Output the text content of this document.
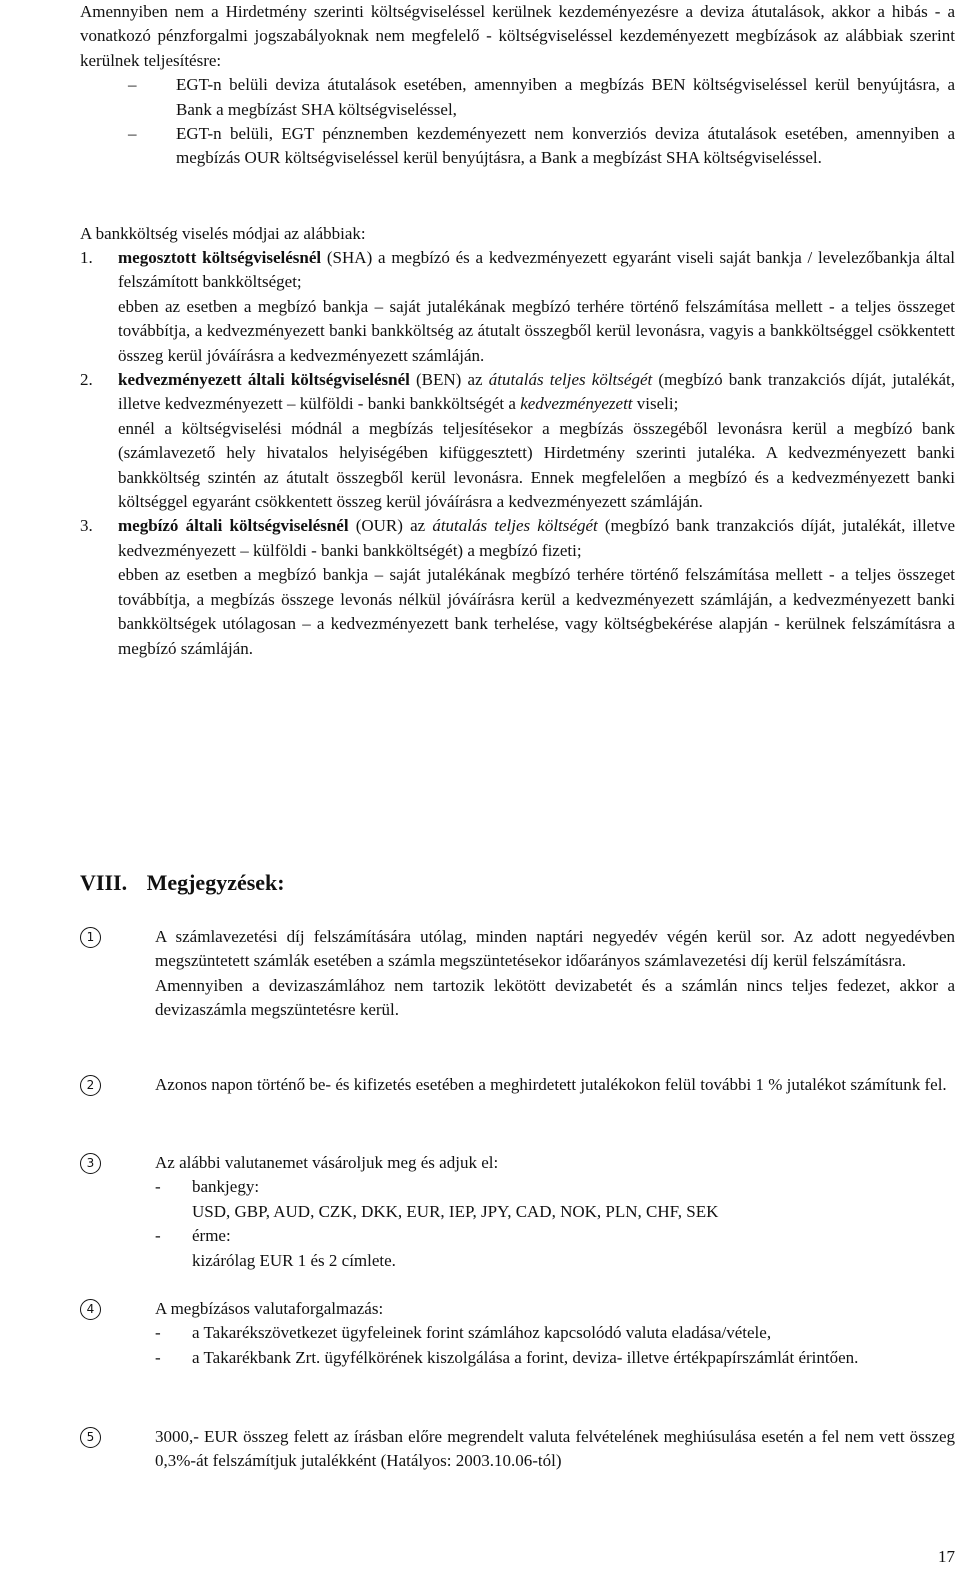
Amennyiben nem a Hirdetmény szerinti költségviseléssel kerülnek kezdeményezésre a deviza átutalások, akkor a hibás - a vonatkozó pénzforgalmi jogszabályoknak nem megfelelő - költségviseléssel kezdeményezett megbízások az alábbiak szerint kerülnek teljesítésre:

– EGT-n belüli deviza átutalások esetében, amennyiben a megbízás BEN költségviseléssel kerül benyújtásra, a Bank a megbízást SHA költségviseléssel,
– EGT-n belüli, EGT pénznemben kezdeményezett nem konverziós deviza átutalások esetében, amennyiben a megbízás OUR költségviseléssel kerül benyújtásra, a Bank a megbízást SHA költségviseléssel.

A bankköltség viselés módjai az alábbiak:

1. megosztott költségviselésnél (SHA) a megbízó és a kedvezményezett egyaránt viseli saját bankja / levelezőbankja által felszámított bankköltséget;

ebben az esetben a megbízó bankja – saját jutalékának megbízó terhére történő felszámítása mellett - a teljes összeget továbbítja, a kedvezményezett banki bankköltség az átutalt összegből kerül levonásra, vagyis a bankköltséggel csökkentett összeg kerül jóváírásra a kedvezményezett számláján.

2. kedvezményezett általi költségviselésnél (BEN) az átutalás teljes költségét (megbízó bank tranzakciós díját, jutalékát, illetve kedvezményezett – külföldi - banki bankköltségét a kedvezményezett viseli;

ennél a költségviselési módnál a megbízás teljesítésekor a megbízás összegéből levonásra kerül a megbízó bank (számlavezető hely hivatalos helyiségében kifüggesztett) Hirdetmény szerinti jutaléka. A kedvezményezett banki bankköltség szintén az átutalt összegből kerül levonásra. Ennek megfelelően a megbízó és a kedvezményezett banki költséggel egyaránt csökkentett összeg kerül jóváírásra a kedvezményezett számláján.

3. megbízó általi költségviselésnél (OUR) az átutalás teljes költségét (megbízó bank tranzakciós díját, jutalékát, illetve kedvezményezett – külföldi - banki bankköltségét) a megbízó fizeti;

ebben az esetben a megbízó bankja – saját jutalékának megbízó terhére történő felszámítása mellett - a teljes összeget továbbítja, a megbízás összege levonás nélkül jóváírásra kerül a kedvezményezett számláján, a kedvezményezett banki bankköltségek utólagosan – a kedvezményezett bank terhelése, vagy költségbekérése alapján - kerülnek felszámításra a megbízó számláján.

VIII. Megjegyzések:
1	A számlavezetési díj felszámítására utólag, minden naptári negyedév végén kerül sor. Az adott negyedévben megszüntetett számlák esetében a számla megszüntetésekor időarányos számlavezetési díj kerül felszámításra.

Amennyiben a devizaszámlához nem tartozik lekötött devizabetét és a számlán nincs teljes fedezet, akkor a devizaszámla megszüntetésre kerül.

2	Azonos napon történő be- és kifizetés esetében a meghirdetett jutalékokon felül további 1 % jutalékot számítunk fel.

3	Az alábbi valutanemet vásároljuk meg és adjuk el:

- bankjegy:
USD, GBP, AUD, CZK, DKK, EUR, IEP, JPY, CAD, NOK, PLN, CHF, SEK
- érme:
kizárólag EUR 1 és 2 címlete.
4	A megbízásos valutaforgalmazás:

- a Takarékszövetkezet ügyfeleinek forint számlához kapcsolódó valuta eladása/vétele,
- a Takarékbank Zrt. ügyfélkörének kiszolgálása a forint, deviza- illetve értékpapírszámlát érintően.
5	3000,- EUR összeg felett az írásban előre megrendelt valuta felvételének meghiúsulása esetén a fel nem vett összeg 0,3%-át felszámítjuk jutalékként (Hatályos: 2003.10.06-tól)

17
